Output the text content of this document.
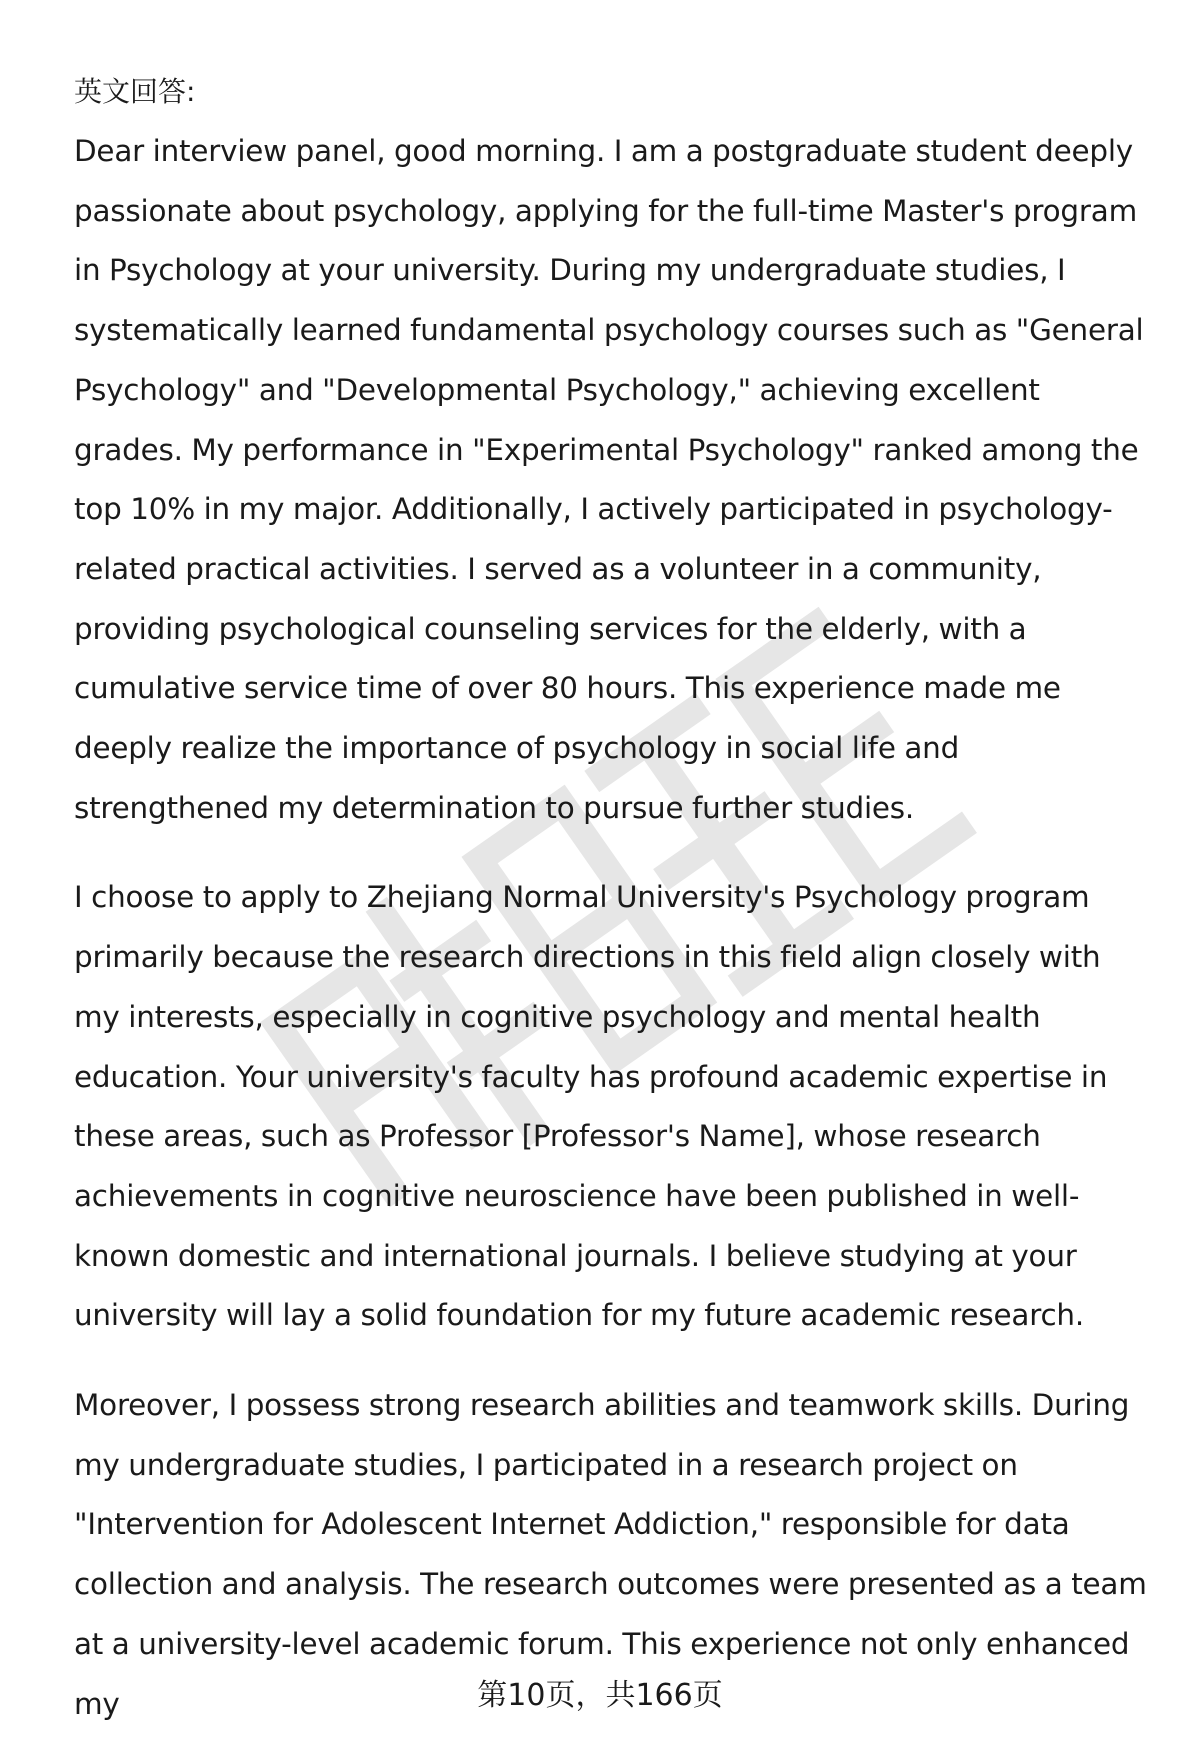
英文回答:

Dear interview panel, good morning. I am a postgraduate student deeply passionate about psychology, applying for the full-time Master's program in Psychology at your university. During my undergraduate studies, I systematically learned fundamental psychology courses such as "General Psychology" and "Developmental Psychology," achieving excellent grades. My performance in "Experimental Psychology" ranked among the top 10% in my major. Additionally, I actively participated in psychology-related practical activities. I served as a volunteer in a community, providing psychological counseling services for the elderly, with a cumulative service time of over 80 hours. This experience made me deeply realize the importance of psychology in social life and strengthened my determination to pursue further studies.

I choose to apply to Zhejiang Normal University's Psychology program primarily because the research directions in this field align closely with my interests, especially in cognitive psychology and mental health education. Your university's faculty has profound academic expertise in these areas, such as Professor [Professor's Name], whose research achievements in cognitive neuroscience have been published in well-known domestic and international journals. I believe studying at your university will lay a solid foundation for my future academic research.

Moreover, I possess strong research abilities and teamwork skills. During my undergraduate studies, I participated in a research project on "Intervention for Adolescent Internet Addiction," responsible for data collection and analysis. The research outcomes were presented as a team at a university-level academic forum. This experience not only enhanced my	第10页，共166页
